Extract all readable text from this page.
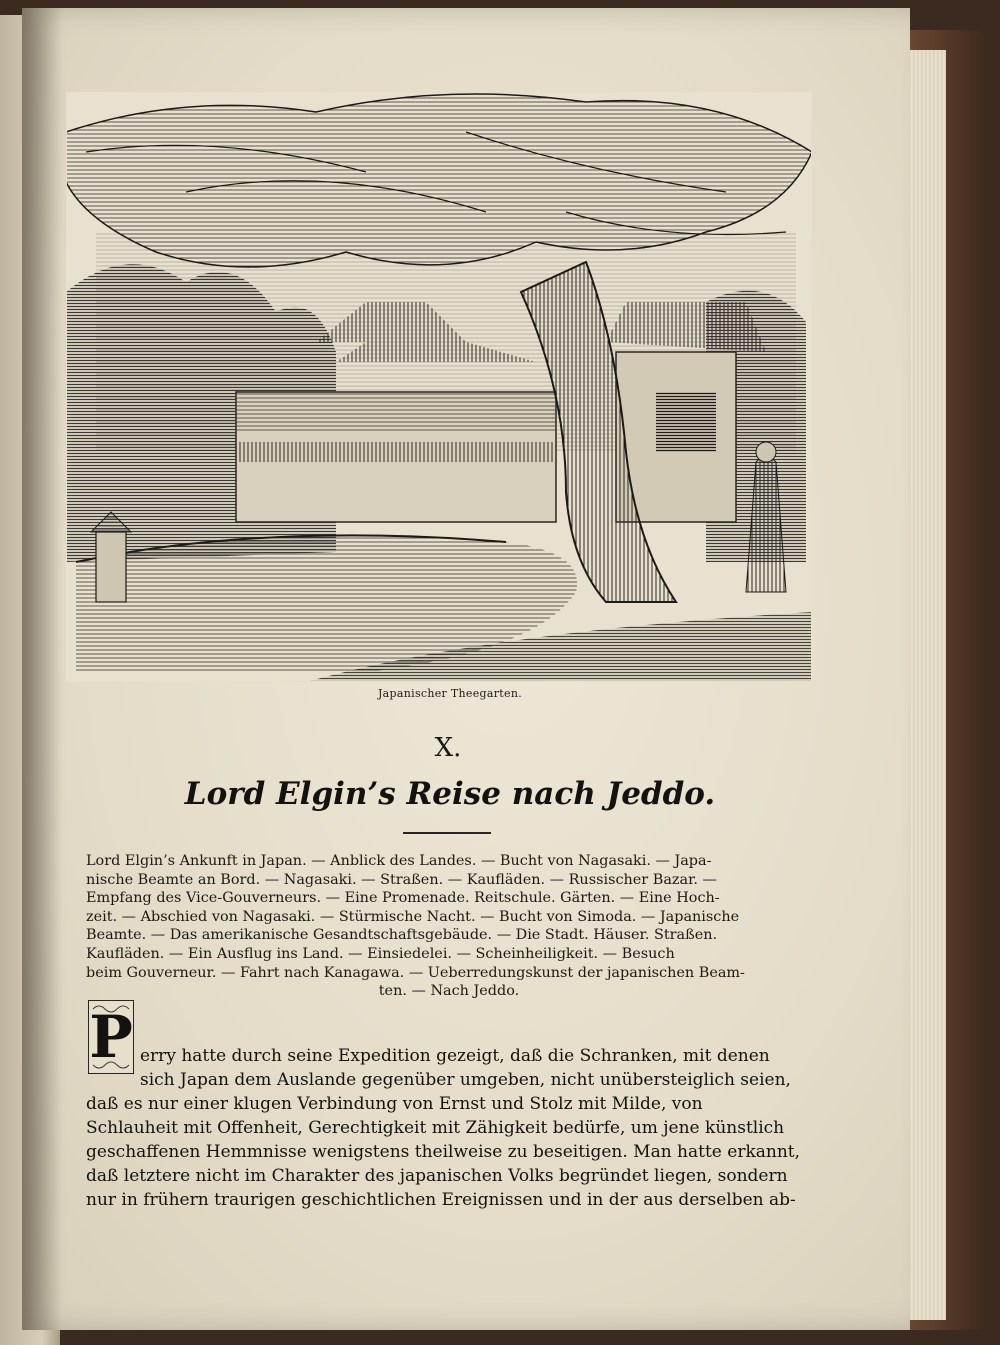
Japanischer Theegarten.
X.
Lord Elgin’s Reise nach Jeddo.
Lord Elgin’s Ankunft in Japan. — Anblick des Landes. — Bucht von Nagasaki. — Japa-
nische Beamte an Bord. — Nagasaki. — Straßen. — Kaufläden. — Russischer Bazar. —
Empfang des Vice-Gouverneurs. — Eine Promenade. Reitschule. Gärten. — Eine Hoch-
zeit. — Abschied von Nagasaki. — Stürmische Nacht. — Bucht von Simoda. — Japanische
Beamte. — Das amerikanische Gesandtschaftsgebäude. — Die Stadt. Häuser. Straßen.
Kaufläden. — Ein Ausflug ins Land. — Einsiedelei. — Scheinheiligkeit. — Besuch
beim Gouverneur. — Fahrt nach Kanagawa. — Ueberredungskunst der japanischen Beam-
ten. — Nach Jeddo.
P erry hatte durch seine Expedition gezeigt, daß die Schranken, mit denen

sich Japan dem Auslande gegenüber umgeben, nicht unübersteiglich seien,

daß es nur einer klugen Verbindung von Ernst und Stolz mit Milde, von

Schlauheit mit Offenheit, Gerechtigkeit mit Zähigkeit bedürfe, um jene künstlich

geschaffenen Hemmnisse wenigstens theilweise zu beseitigen. Man hatte erkannt,

daß letztere nicht im Charakter des japanischen Volks begründet liegen, sondern

nur in frühern traurigen geschichtlichen Ereignissen und in der aus derselben ab-
